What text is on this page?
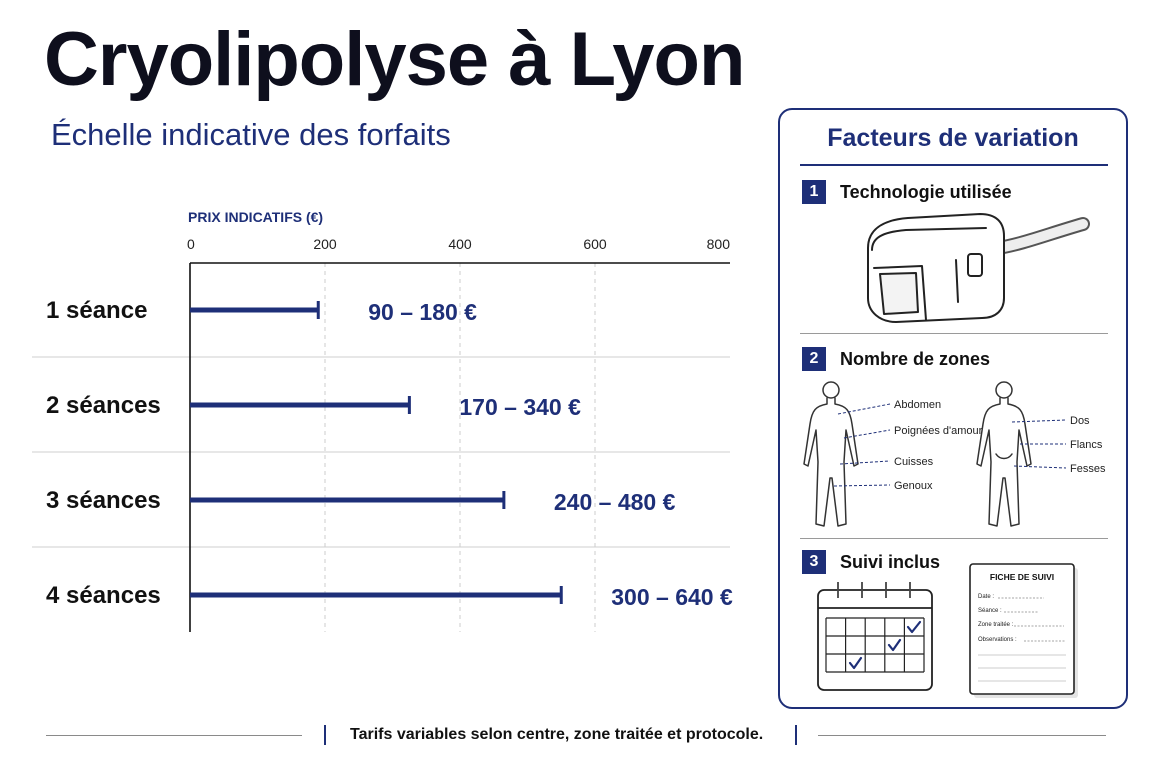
Cryolipolyse à Lyon
Échelle indicative des forfaits
PRIX INDICATIFS (€)
0	200	400	600	800
1 séance	90 – 180 €
2 séances	170 – 340 €
3 séances	240 – 480 €
4 séances	300 – 640 €
Facteurs de variation
1	Technologie utilisée
2	Nombre de zones
Abdomen
Poignées d'amour
Cuisses
Genoux
Dos
Flancs
Fesses
3	Suivi inclus
FICHE DE SUIVI
Date :
Séance :
Zone traitée :
Observations :
Tarifs variables selon centre, zone traitée et protocole.
